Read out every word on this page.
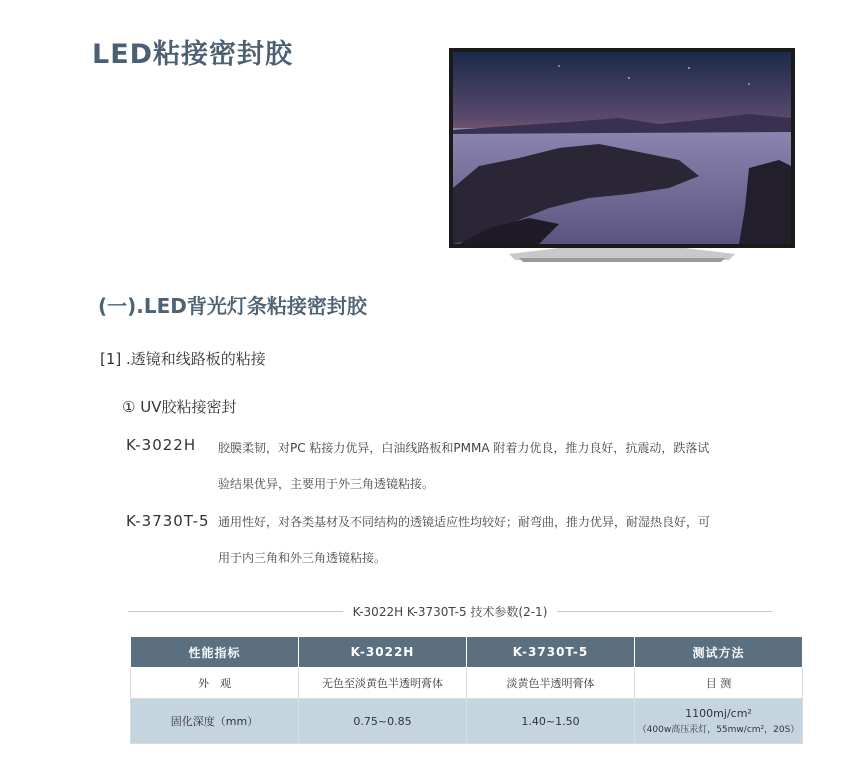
LED粘接密封胶
(一).LED背光灯条粘接密封胶
[1] .透镜和线路板的粘接
① UV胶粘接密封
K-3022H 胶膜柔韧，对PC 粘接力优异，白油线路板和PMMA 附着力优良，推力良好，抗震动，跌落试
验结果优异，主要用于外三角透镜粘接。
K-3730T-5 通用性好，对各类基材及不同结构的透镜适应性均较好；耐弯曲，推力优异，耐湿热良好，可
用于内三角和外三角透镜粘接。
K-3022H K-3730T-5 技术参数(2-1)
性能指标	K-3022H	K-3730T-5	测试方法
外　观	无色至淡黄色半透明膏体	淡黄色半透明膏体	目 测
固化深度（mm）	0.75~0.85	1.40~1.50	1100mj/cm²
（400w高压汞灯，55mw/cm²，20S）
